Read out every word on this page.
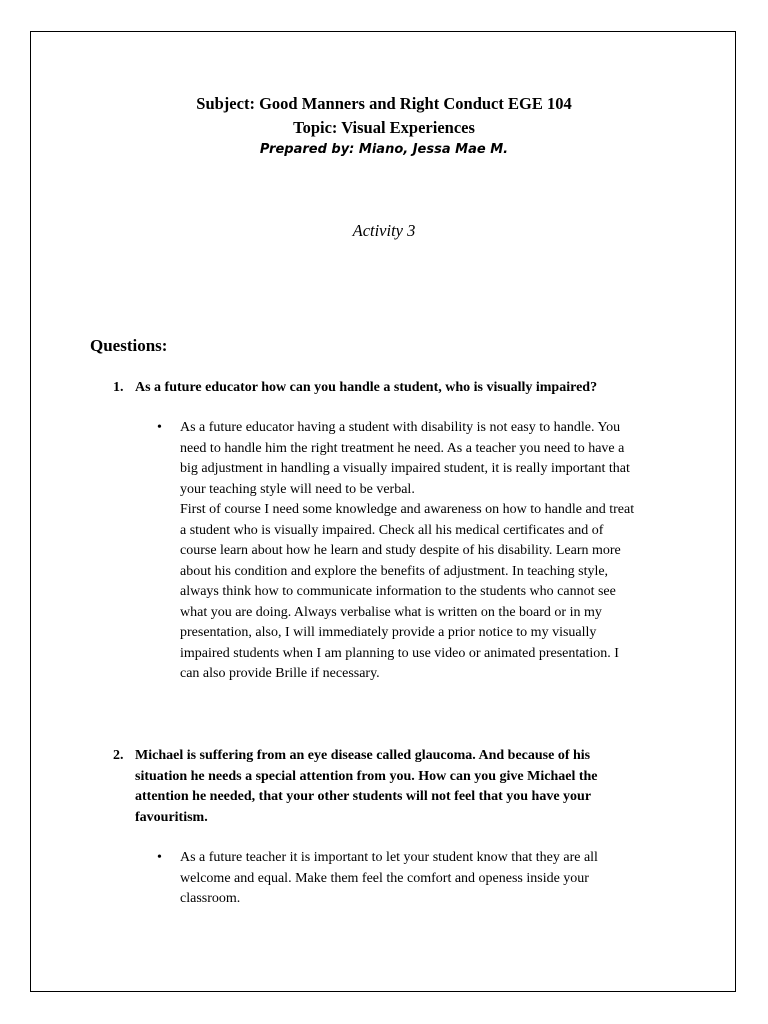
Subject: Good Manners and Right Conduct EGE 104
Topic: Visual Experiences
Prepared by: Miano, Jessa Mae M.
Activity 3
Questions:
1. As a future educator how can you handle a student, who is visually impaired?
• As a future educator having a student with disability is not easy to handle. You
need to handle him the right treatment he need. As a teacher you need to have a
big adjustment in handling a visually impaired student, it is really important that
your teaching style will need to be verbal.
First of course I need some knowledge and awareness on how to handle and treat
a student who is visually impaired. Check all his medical certificates and of
course learn about how he learn and study despite of his disability. Learn more
about his condition and explore the benefits of adjustment. In teaching style,
always think how to communicate information to the students who cannot see
what you are doing. Always verbalise what is written on the board or in my
presentation, also, I will immediately provide a prior notice to my visually
impaired students when I am planning to use video or animated presentation. I
can also provide Brille if necessary.
2. Michael is suffering from an eye disease called glaucoma. And because of his
situation he needs a special attention from you. How can you give Michael the
attention he needed, that your other students will not feel that you have your
favouritism.
• As a future teacher it is important to let your student know that they are all
welcome and equal. Make them feel the comfort and openess inside your
classroom.
